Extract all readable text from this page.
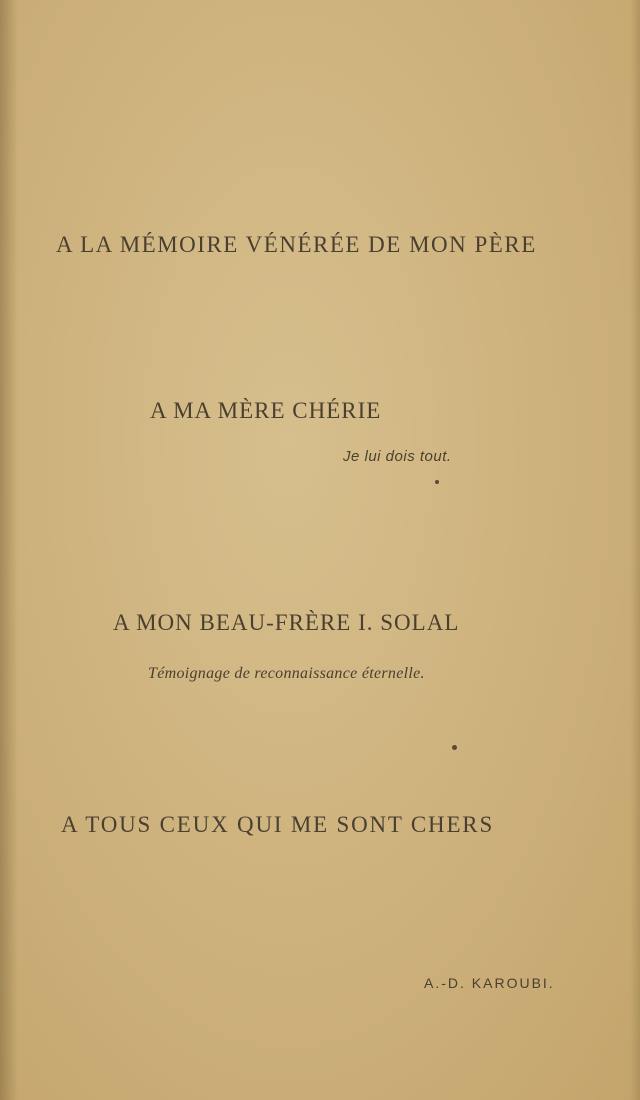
A LA MÉMOIRE VÉNÉRÉE DE MON PÈRE
A MA MÈRE CHÉRIE
Je lui dois tout.
A MON BEAU-FRÈRE I. SOLAL
Témoignage de reconnaissance éternelle.
A TOUS CEUX QUI ME SONT CHERS
A.-D. KAROUBI.
